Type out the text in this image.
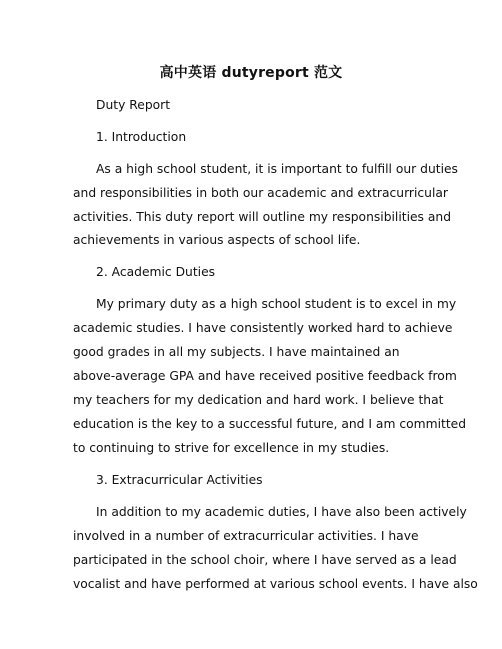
高中英语 dutyreport 范文
Duty Report
1. Introduction
As a high school student, it is important to fulfill our duties
and responsibilities in both our academic and extracurricular
activities. This duty report will outline my responsibilities and
achievements in various aspects of school life.
2. Academic Duties
My primary duty as a high school student is to excel in my
academic studies. I have consistently worked hard to achieve
good grades in all my subjects. I have maintained an
above-average GPA and have received positive feedback from
my teachers for my dedication and hard work. I believe that
education is the key to a successful future, and I am committed
to continuing to strive for excellence in my studies.
3. Extracurricular Activities
In addition to my academic duties, I have also been actively
involved in a number of extracurricular activities. I have
participated in the school choir, where I have served as a lead
vocalist and have performed at various school events. I have also
